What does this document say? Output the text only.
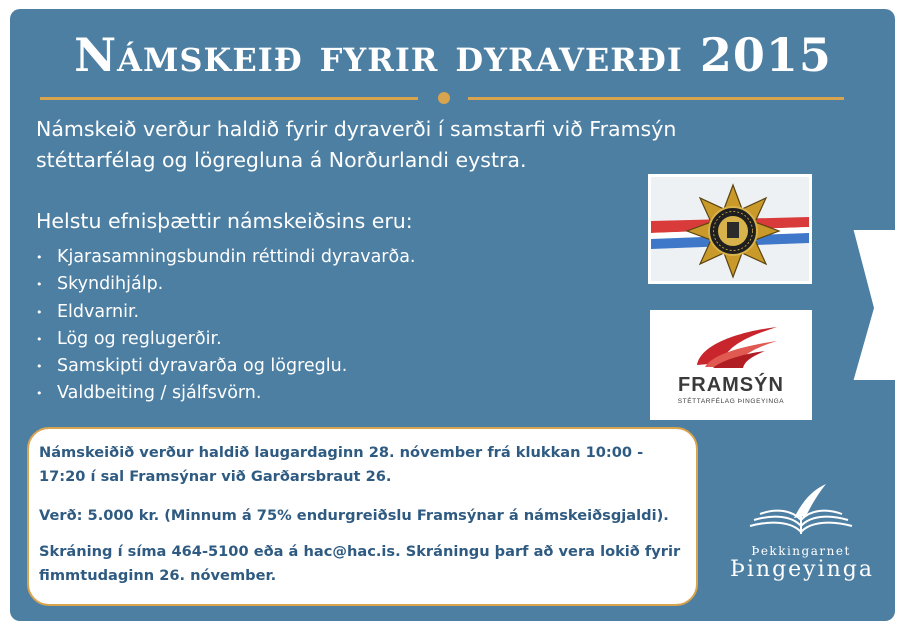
Námskeið fyrir dyraverði 2015

Námskeið verður haldið fyrir dyraverði í samstarfi við Framsýn stéttarfélag og lögregluna á Norðurlandi eystra.

Helstu efnisþættir námskeiðsins eru:

• Kjarasamningsbundin réttindi dyravarða.
• Skyndihjálp.
• Eldvarnir.
• Lög og reglugerðir.
• Samskipti dyravarða og lögreglu.
• Valdbeiting / sjálfsvörn.	FRAMSÝN
STÉTTARFÉLAG ÞINGEYINGA

Námskeiðið verður haldið laugardaginn 28. nóvember frá klukkan 10:00 - 17:20 í sal Framsýnar við Garðarsbraut 26.

Verð: 5.000 kr. (Minnum á 75% endurgreiðslu Framsýnar á námskeiðsgjaldi).

Skráning í síma 464-5100 eða á hac@hac.is. Skráningu þarf að vera lokið fyrir fimmtudaginn 26. nóvember.

Þekkingarnet
Þingeyinga
